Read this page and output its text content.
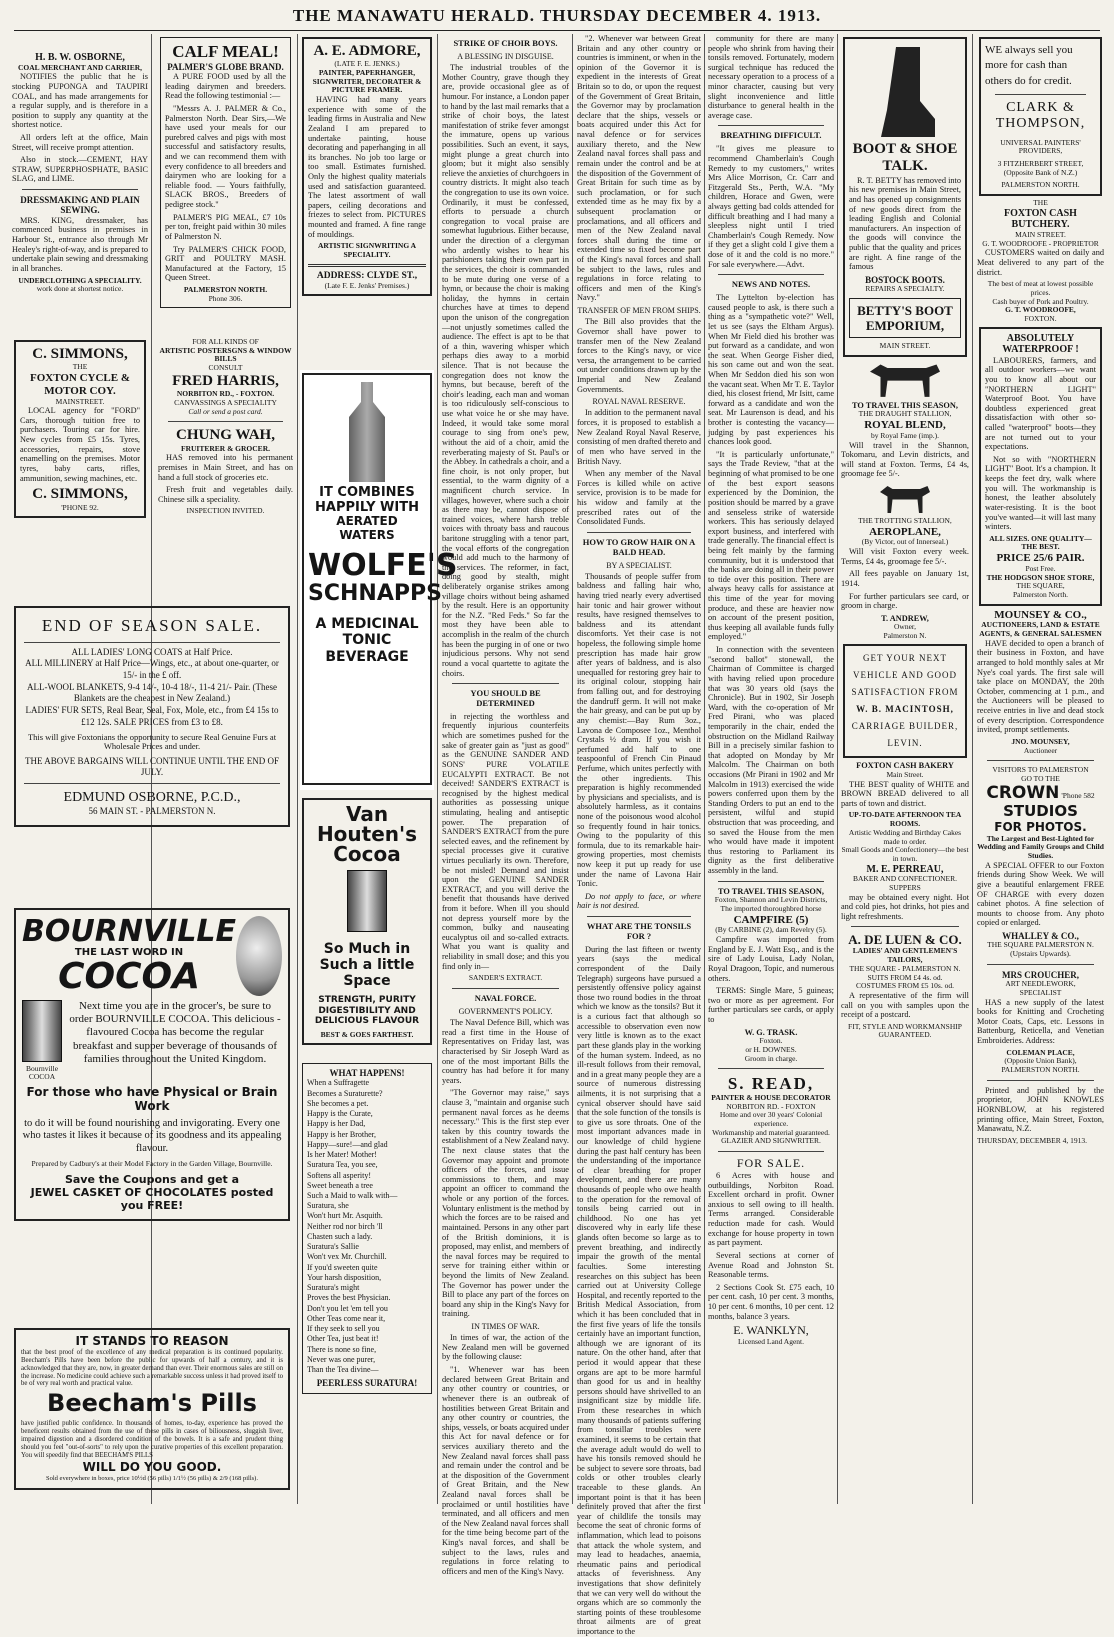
THE MANAWATU HERALD. THURSDAY DECEMBER 4. 1913.
H. B. W. OSBORNE,
COAL MERCHANT AND CARRIER,

NOTIFIES the public that he is stocking PUPONGA and TAUPIRI COAL, and has made arrangements for a regular supply, and is therefore in a position to supply any quantity at the shortest notice.

All orders left at the office, Main Street, will receive prompt attention.

Also in stock.—CEMENT, HAY STRAW, SUPERPHOSPHATE, BASIC SLAG, and LIME.

DRESSMAKING AND PLAIN SEWING.

MRS. KING, dressmaker, has commenced business in premises in Harbour St., entrance also through Mr Healey's right-of-way, and is prepared to undertake plain sewing and dressmaking in all branches.

UNDERCLOTHING A SPECIALITY.
work done at shortest notice.
CALF MEAL!
PALMER'S GLOBE BRAND.

A PURE FOOD used by all the leading dairymen and breeders. Read the following testimonial :—

"Messrs A. J. PALMER & Co., Palmerston North. Dear Sirs,—We have used your meals for our purebred calves and pigs with most successful and satisfactory results, and we can recommend them with every confidence to all breeders and dairymen who are looking for a reliable food. — Yours faithfully, SLACK BROS., Breeders of pedigree stock."

PALMER'S PIG MEAL, £7 10s per ton, freight paid within 30 miles of Palmerston N.

Try PALMER'S CHICK FOOD, GRIT and POULTRY MASH. Manufactured at the Factory, 15 Queen Street.

PALMERSTON NORTH.
Phone 306.
C. SIMMONS,
THE
FOXTON CYCLE & MOTOR COY.
MAINSTREET.

LOCAL agency for "FORD" Cars, thorough tuition free to purchasers. Touring car for hire. New cycles from £5 15s. Tyres, accessories, repairs, stove enamelling on the premises. Motor tyres, baby carts, rifles, ammunition, sewing machines, etc.

C. SIMMONS,
'PHONE 92.
FOR ALL KINDS OF
ARTISTIC POSTERSGNS & WINDOW BILLS
CONSULT
FRED HARRIS,
NORBITON RD., - FOXTON.
CANVASSINGS A SPECIALITY
Call or send a post card.
CHUNG WAH,
FRUITERER & GROCER.

HAS removed into his permanent premises in Main Street, and has on hand a full stock of groceries etc.

Fresh fruit and vegetables daily. Chinese silk a speciality.

INSPECTION INVITED.
END OF SEASON SALE.
ALL LADIES' LONG COATS at Half Price.
ALL MILLINERY at Half Price—Wings, etc., at about one-quarter, or 15/- in the £ off.
ALL-WOOL BLANKETS, 9-4 14/-, 10-4 18/-, 11-4 21/- Pair. (These Blankets are the cheapest in New Zealand.)
LADIES' FUR SETS, Real Bear, Seal, Fox, Mole, etc., from £4 15s to £12 12s. SALE PRICES from £3 to £8.
This will give Foxtonians the opportunity to secure Real Genuine Furs at Wholesale Prices and under.
THE ABOVE BARGAINS WILL CONTINUE UNTIL THE END OF JULY.
EDMUND OSBORNE, P.C.D.,
56 MAIN ST. - PALMERSTON N.
BOURNVILLE
THE LAST WORD IN
COCOA
Bournville COCOA
Next time you are in the grocer's, be sure to order BOURNVILLE COCOA. This delicious - flavoured Cocoa has become the regular breakfast and supper beverage of thousands of families throughout the United Kingdom.
For those who have Physical or Brain Work
to do it will be found nourishing and invigorating. Every one who tastes it likes it because of its goodness and its appealing flavour.
Prepared by Cadbury's at their Model Factory in the Garden Village, Bournville.
Save the Coupons and get a
JEWEL CASKET OF CHOCOLATES posted you FREE!
IT STANDS TO REASON
that the best proof of the excellence of any medical preparation is its continued popularity. Beecham's Pills have been before the public for upwards of half a century, and it is acknowledged that they are, now, in greater demand than ever. Their enormous sales are still on the increase. No medicine could achieve such a remarkable success unless it had proved itself to be of very real worth and practical value.
Beecham's Pills
have justified public confidence. In thousands of homes, to-day, experience has proved the beneficent results obtained from the use of these pills in cases of biliousness, sluggish liver, impaired digestion and a disordered condition of the bowels. It is a safe and prudent thing should you feel "out-of-sorts" to rely upon the curative properties of this excellent preparation. You will speedily find that BEECHAM'S PILLS
WILL DO YOU GOOD.
Sold everywhere in boxes, price 10½d (56 pills) 1/1½ (56 pills) & 2/9 (168 pills).
A. E. ADMORE,
(LATE F. E. JENKS.)
PAINTER, PAPERHANGER, SIGNWRITER, DECORATER & PICTURE FRAMER.

HAVING had many years experience with some of the leading firms in Australia and New Zealand I am prepared to undertake painting, house decorating and paperhanging in all its branches. No job too large or too small. Estimates furnished. Only the highest quality materials used and satisfaction guaranteed. The latest assortment of wall papers, ceiling decorations and friezes to select from. PICTURES mounted and framed. A fine range of mouldings.

ARTISTIC SIGNWRITING A SPECIALITY.
ADDRESS: CLYDE ST.,
(Late F. E. Jenks' Premises.)
IT COMBINES
HAPPILY WITH
AERATED WATERS
WOLFE'S
SCHNAPPS
A MEDICINAL
TONIC BEVERAGE
Van
Houten's
Cocoa
So Much in
Such a little
Space
STRENGTH, PURITY DIGESTIBILITY AND DELICIOUS FLAVOUR
BEST & GOES FARTHEST.
WHAT HAPPENS!
When a Suffragette
Becomes a Suraturette?
She becomes a pet.
Happy is the Curate,
Happy is her Dad,
Happy is her Brother,
Happy—sure!—and glad
Is her Mater! Mother!
Suratura Tea, you see,
Softens all asperity!
Sweet beneath a tree
Such a Maid to walk with—
Suratura, she
Won't hurt Mr. Asquith.
Neither rod nor birch 'll
Chasten such a lady.
Suratura's Sallie
Won't vex Mr. Churchill.
If you'd sweeten quite
Your harsh disposition,
Suratura's might
Proves the best Physician.
Don't you let 'em tell you
Other Teas come near it,
If they seek to sell you
Other Tea, just beat it!
There is none so fine,
Never was one purer,
Than the Tea divine—
PEERLESS SURATURA!
STRIKE OF CHOIR BOYS.
A BLESSING IN DISGUISE.

The industrial troubles of the Mother Country, grave though they are, provide occasional glee as of humour. For instance, a London paper to hand by the last mail remarks that a strike of choir boys, the latest manifestation of strike fever amongst the immature, opens up various possibilities. Such an event, it says, might plunge a great church into gloom; but it might also sensibly relieve the anxieties of churchgoers in country districts. It might also teach the congregation to use its own voice. Ordinarily, it must be confessed, efforts to persuade a church congregation to vocal praise are somewhat lugubrious. Either because, under the direction of a clergyman who ardently wishes to hear his parishioners taking their own part in the services, the choir is commanded to be mute during one verse of a hymn, or because the choir is making holiday, the hymns in certain churches have at times to depend upon the unison of the congregation—not unjustly sometimes called the audience. The effect is apt to be that of a thin, wavering whisper which perhaps dies away to a morbid silence. That is not because the congregation does not know the hymns, but because, bereft of the choir's leading, each man and woman is too ridiculously self-conscious to use what voice he or she may have. Indeed, it would take some moral courage to sing from one's pew, without the aid of a choir, amid the reverberating majesty of St. Paul's or the Abbey. In cathedrals a choir, and a fine choir, is not only proper, but essential, to the warm dignity of a magnificent church service. In villages, however, where such a choir as there may be, cannot dispose of trained voices, where harsh treble voices with throaty bass and raucous baritone struggling with a tenor part, the vocal efforts of the congregation would add much to the harmony of the services. The reformer, in fact, doing good by stealth, might deliberately organise strikes among village choirs without being ashamed by the result. Here is an opportunity for the N.Z. "Red Feds." So far the most they have been able to accomplish in the realm of the church has been the purging in of one or two injudicious persons. Why not send round a vocal quartette to agitate the choirs.

YOU SHOULD BE DETERMINED

in rejecting the worthless and frequently injurious counterfeits which are sometimes pushed for the sake of greater gain as "just as good" as the GENUINE SANDER AND SONS' PURE VOLATILE EUCALYPTI EXTRACT. Be not deceived! SANDER'S EXTRACT is recognised by the highest medical authorities as possessing unique stimulating, healing and antiseptic power. The preparation of SANDER'S EXTRACT from the pure selected eaves, and the refinement by special processes give it curative virtues peculiarly its own. Therefore, be not misled! Demand and insist upon the GENUINE SANDER EXTRACT, and you will derive the benefit that thousands have derived from it before. When ill you should not depress yourself more by the common, bulky and nauseating eucalyptus oil and so-called extracts. What you want is quality and reliability in small dose; and this you find only in—

SANDER'S EXTRACT.
NAVAL FORCE.
GOVERNMENT'S POLICY.

The Naval Defence Bill, which was read a first time in the House of Representatives on Friday last, was characterised by Sir Joseph Ward as one of the most important Bills the country has had before it for many years.

"The Governor may raise," says clause 3, "maintain and organise such permanent naval forces as he deems necessary." This is the first step ever taken by this country towards the establishment of a New Zealand navy. The next clause states that the Governor may appoint and promote officers of the forces, and issue commissions to them, and may appoint an officer to command the whole or any portion of the forces. Voluntary enlistment is the method by which the forces are to be raised and maintained. Persons in any other part of the British dominions, it is proposed, may enlist, and members of the naval forces may be required to serve for training either within or beyond the limits of New Zealand. The Governor has power under the Bill to place any part of the forces on board any ship in the King's Navy for training.

IN TIMES OF WAR.

In times of war, the action of the New Zealand men will be governed by the following clause:

"1. Whenever war has been declared between Great Britain and any other country or countries, or whenever there is an outbreak of hostilities between Great Britain and any other country or countries, the ships, vessels, or boats acquired under this Act for naval defence or for services auxiliary thereto and the New Zealand naval forces shall pass and remain under the control and be at the disposition of the Government of Great Britain, and the New Zealand naval forces shall be proclaimed or until hostilities have terminated, and all officers and men of the New Zealand naval forces shall for the time being become part of the King's naval forces, and shall be subject to the laws, rules and regulations in force relating to officers and men of the King's Navy.

"2. Whenever war between Great Britain and any other country or countries is imminent, or when in the opinion of the Governor it is expedient in the interests of Great Britain so to do, or upon the request of the Government of Great Britain, the Governor may by proclamation declare that the ships, vessels or boats acquired under this Act for naval defence or for services auxiliary thereto, and the New Zealand naval forces shall pass and remain under the control and be at the disposition of the Government of Great Britain for such time as by such proclamation, or for such extended time as he may fix by a subsequent proclamation or proclamations, and all officers and men of the New Zealand naval forces shall during the time or extended time so fixed become part of the King's naval forces and shall be subject to the laws, rules and regulations in force relating to officers and men of the King's Navy."

TRANSFER OF MEN FROM SHIPS.

The Bill also provides that the Governor shall have power to transfer men of the New Zealand forces to the King's navy, or vice versa, the arrangement to be carried out under conditions drawn up by the Imperial and New Zealand Governments.

ROYAL NAVAL RESERVE.

In addition to the permanent naval forces, it is proposed to establish a New Zealand Royal Naval Reserve, consisting of men drafted thereto and of men who have served in the British Navy.

When any member of the Naval Forces is killed while on active service, provision is to be made for his widow and family at the prescribed rates out of the Consolidated Funds.

HOW TO GROW HAIR ON A BALD HEAD.
BY A SPECIALIST.

Thousands of people suffer from baldness and falling hair who, having tried nearly every advertised hair tonic and hair grower without results, have resigned themselves to baldness and its attendant discomforts. Yet their case is not hopeless, the following simple home prescription has made hair grow after years of baldness, and is also unequalled for restoring grey hair to its original colour, stopping hair from falling out, and for destroying the dandruff germ. It will not make the hair greasy, and can be put up by any chemist:—Bay Rum 3oz., Lavona de Composee 1oz., Menthol Crystals ½ dram. If you wish it perfumed add half to one teaspoonful of French Cin Pinaud Perfume, which unites perfectly with the other ingredients. This preparation is highly recommended by physicians and specialists, and is absolutely harmless, as it contains none of the poisonous wood alcohol so frequently found in hair tonics. Owing to the popularity of this formula, due to its remarkable hair-growing properties, most chemists now keep it put up ready for use under the name of Lavona Hair Tonic.

Do not apply to face, or where hair is not desired.

WHAT ARE THE TONSILS FOR ?

During the last fifteen or twenty years (says the medical correspondent of the Daily Telegraph) surgeons have pursued a persistently offensive policy against those two round bodies in the throat which we know as the tonsils? But it is a curious fact that although so accessible to observation even now very little is known as to the exact part these glands play in the working of the human system. Indeed, as no ill-result follows from their removal, and in a great many people they are a source of numerous distressing ailments, it is not surprising that a cynical observer should have said that the sole function of the tonsils is to give us sore throats. One of the most important advances made in our knowledge of child hygiene during the past half century has been the understanding of the importance of clear breathing for proper development, and there are many thousands of people who owe health to the operation for the removal of tonsils being carried out in childhood. No one has yet discovered why in early life these glands often become so large as to prevent breathing, and indirectly impair the growth of the mental faculties. Some interesting researches on this subject has been carried out at University College Hospital, and recently reported to the British Medical Association, from which it has been concluded that in the first five years of life the tonsils certainly have an important function, although we are ignorant of its nature. On the other hand, after that period it would appear that these organs are apt to be more harmful than good for us and in healthy persons should have shrivelled to an insignificant size by middle life. From these researches in which many thousands of patients suffering from tonsillar troubles were examined, it seems to be certain that the average adult would do well to have his tonsils removed should he be subject to severe sore throats, bad colds or other troubles clearly traceable to these glands. An important point is that it has been definitely proved that after the first year of childlife the tonsils may become the seat of chronic forms of inflammation, which lead to poisons that attack the whole system, and may lead to headaches, anaemia, rheumatic pains and periodical attacks of feverishness. Any investigations that show definitely that we can very well do without the organs which are so commonly the starting points of these troublesome throat ailments are of great importance to the

community for there are many people who shrink from having their tonsils removed. Fortunately, modern surgical technique has reduced the necessary operation to a process of a minor character, causing but very slight inconvenience and little disturbance to general health in the average case.

BREATHING DIFFICULT.

"It gives me pleasure to recommend Chamberlain's Cough Remedy to my customers," writes Mrs Alice Morrison, Cr. Carr and Fitzgerald Sts., Perth, W.A. "My children, Horace and Gwen, were always getting bad colds attended for difficult breathing and I had many a sleepless night until I tried Chamberlain's Cough Remedy. Now if they get a slight cold I give them a dose of it and the cold is no more." For sale everywhere.—Advt.

NEWS AND NOTES.

The Lyttelton by-election has caused people to ask, is there such a thing as a "sympathetic vote?" Well, let us see (says the Eltham Argus). When Mr Field died his brother was put forward as a candidate, and won the seat. When George Fisher died, his son came out and won the seat. When Mr Seddon died his son won the vacant seat. When Mr T. E. Taylor died, his closest friend, Mr Isitt, came forward as a candidate and won the seat. Mr Laurenson is dead, and his brother is contesting the vacancy—judging by past experiences his chances look good.

"It is particularly unfortunate," says the Trade Review, "that at the beginning of what promised to be one of the best export seasons experienced by the Dominion, the position should be marred by a grave and senseless strike of waterside workers. This has seriously delayed export business, and interfered with trade generally. The financial effect is being felt mainly by the farming community, but it is understood that the banks are doing all in their power to tide over this position. There are always heavy calls for assistance at this time of the year for moving produce, and these are heavier now on account of the present position, thus keeping all available funds fully employed."

In connection with the seventeen "second ballot" stonewall, the Chairman of Committee is charged with having relied upon procedure that was 30 years old (says the Chronicle). But in 1902, Sir Joseph Ward, with the co-operation of Mr Fred Pirani, who was placed temporarily in the chair, ended the obstruction on the Midland Railway Bill in a precisely similar fashion to that adopted on Monday by Mr Malcolm. The Chairman on both occasions (Mr Pirani in 1902 and Mr Malcolm in 1913) exercised the wide powers conferred upon them by the Standing Orders to put an end to the persistent, wilful and stupid obstruction that was proceeding, and so saved the House from the men who would have made it impotent thus restoring to Parliament its dignity as the first deliberative assembly in the land.

TO TRAVEL THIS SEASON,
Foxton, Shannon and Levin Districts,
The imported thoroughbred horse
CAMPFIRE (5)
(By CARBINE (2), dam Revelry (5).

Campfire was imported from England by E. J. Watt Esq., and is the sire of Lady Louisa, Lady Nolan, Royal Dragoon, Topic, and numerous others.

TERMS: Single Mare, 5 guineas; two or more as per agreement. For further particulars see cards, or apply to

W. G. TRASK.
Foxton.
or H. DOWNES.
Groom in charge.
S. READ,
PAINTER & HOUSE DECORATOR
NORBITON RD. - FOXTON
Home and over 30 years' Colonial experience.
Workmanship and material guaranteed.
GLAZIER AND SIGNWRITER.
FOR SALE.

6 Acres with house and outbuildings, Norbiton Road. Excellent orchard in profit. Owner anxious to sell owing to ill health. Terms arranged. Considerable reduction made for cash. Would exchange for house property in town as part payment.

Several sections at corner of Avenue Road and Johnston St. Reasonable terms.

2 Sections Cook St. £75 each, 10 per cent. cash, 10 per cent. 3 months, 10 per cent. 6 months, 10 per cent. 12 months, balance 3 years.

E. WANKLYN,
Licensed Land Agent.
BOOT & SHOE TALK.

R. T. BETTY has removed into his new premises in Main Street, and has opened up consignments of new goods direct from the leading English and Colonial manufacturers. An inspection of the goods will convince the public that the quality and prices are right. A fine range of the famous

BOSTOCK BOOTS.
REPAIRS A SPECIALTY.
BETTY'S BOOT EMPORIUM,
MAIN STREET.
TO TRAVEL THIS SEASON,
THE DRAUGHT STALLION,
ROYAL BLEND,
by Royal Fame (imp.).

Will travel in the Shannon, Tokomaru, and Levin districts, and will stand at Foxton. Terms, £4 4s, groomage fee 5/-.

THE TROTTING STALLION,
AEROPLANE,
(By Victor, out of Innerseal.)

Will visit Foxton every week. Terms, £4 4s, groomage fee 5/-.

All fees payable on January 1st, 1914.

For further particulars see card, or groom in charge.

T. ANDREW,
Owner,
Palmerston N.
GET YOUR NEXT
VEHICLE AND GOOD
SATISFACTION FROM
W. B. MACINTOSH,
CARRIAGE BUILDER,
LEVIN.
FOXTON CASH BAKERY
Main Street.

THE BEST quality of WHITE and BROWN BREAD delivered to all parts of town and district.

UP-TO-DATE AFTERNOON TEA ROOMS.
Artistic Wedding and Birthday Cakes made to order.
Small Goods and Confectionery—the best in town.
M. E. PERREAU,
BAKER AND CONFECTIONER.
SUPPERS

may be obtained every night. Hot and cold pies, hot drinks, hot pies and light refreshments.

A. DE LUEN & CO.
LADIES' AND GENTLEMEN'S TAILORS,
THE SQUARE - PALMERSTON N.
SUITS FROM £4 4s. od.
COSTUMES FROM £5 10s. od.

A representative of the firm will call on you with samples upon the receipt of a postcard.

FIT, STYLE AND WORKMANSHIP GUARANTEED.
WE always sell you more for cash than others do for credit.
CLARK &
THOMPSON,
UNIVERSAL PAINTERS' PROVIDERS,
3 FITZHERBERT STREET,
(Opposite Bank of N.Z.)
PALMERSTON NORTH.
THE
FOXTON CASH BUTCHERY.
MAIN STREET.
G. T. WOODROOFE - PROPRIETOR

CUSTOMERS waited on daily and Meat delivered to any part of the district.

The best of meat at lowest possible prices.
Cash buyer of Pork and Poultry.
G. T. WOODROOFE,
FOXTON.
ABSOLUTELY WATERPROOF !

LABOURERS, farmers, and all outdoor workers—we want you to know all about our "NORTHERN LIGHT" Waterproof Boot. You have doubtless experienced great dissatisfaction with other so-called "waterproof" boots—they are not turned out to your expectations.

Not so with "NORTHERN LIGHT" Boot. It's a champion. It keeps the feet dry, walk where you will. The workmanship is honest, the leather absolutely water-resisting. It is the boot you've wanted—it will last many winters.

ALL SIZES. ONE QUALITY—THE BEST.
PRICE 25/6 PAIR.
Post Free.
THE HODGSON SHOE STORE,
THE SQUARE,
Palmerston North.
MOUNSEY & CO.,
AUCTIONEERS, LAND & ESTATE AGENTS, & GENERAL SALESMEN

HAVE decided to open a branch of their business in Foxton, and have arranged to hold monthly sales at Mr Nye's coal yards. The first sale will take place on MONDAY, the 20th October, commencing at 1 p.m., and the Auctioneers will be pleased to receive entries in live and dead stock of every description. Correspondence invited, prompt settlements.

JNO. MOUNSEY,
Auctioneer
VISITORS TO PALMERSTON
GO TO THE
CROWN 'Phone 582
STUDIOS
FOR PHOTOS.
The Largest and Best-Lighted for Wedding and Family Groups and Child Studies.

A SPECIAL OFFER to our Foxton friends during Show Week. We will give a beautiful enlargement FREE OF CHARGE with every dozen cabinet photos. A fine selection of mounts to choose from. Any photo copied or enlarged.

WHALLEY & CO.,
THE SQUARE PALMERSTON N.
(Upstairs Upwards).
MRS CROUCHER,
ART NEEDLEWORK,
SPECIALIST

HAS a new supply of the latest books for Knitting and Crocheting Motor Coats, Caps, etc. Lessons in Battenburg, Reticella, and Venetian Embroideries. Address:

COLEMAN PLACE,
(Opposite Union Bank),
PALMERSTON NORTH.

Printed and published by the proprietor, JOHN KNOWLES HORNBLOW, at his registered printing office, Main Street, Foxton, Manawatu, N.Z.

THURSDAY, DECEMBER 4, 1913.
